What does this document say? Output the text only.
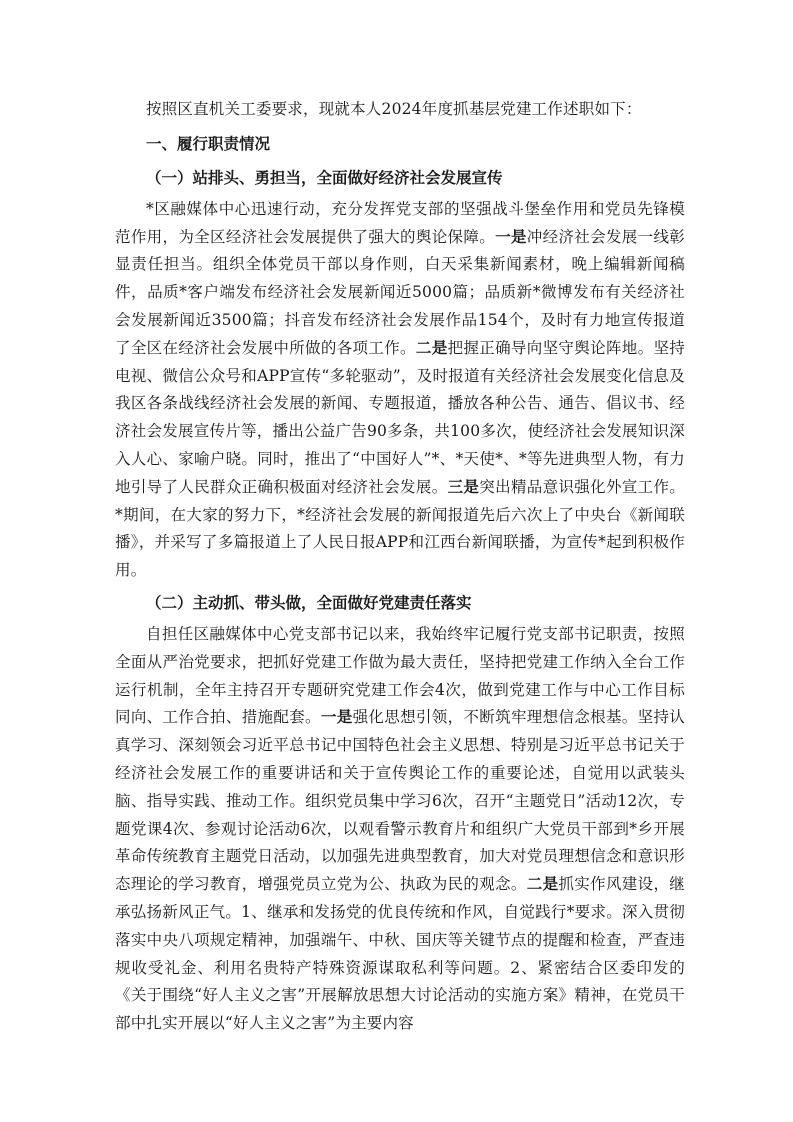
按照区直机关工委要求，现就本人2024年度抓基层党建工作述职如下：

一、履行职责情况

（一）站排头、勇担当，全面做好经济社会发展宣传

*区融媒体中心迅速行动，充分发挥党支部的坚强战斗堡垒作用和党员先锋模范作用，为全区经济社会发展提供了强大的舆论保障。一是冲经济社会发展一线彰显责任担当。组织全体党员干部以身作则，白天采集新闻素材，晚上编辑新闻稿件，品质*客户端发布经济社会发展新闻近5000篇；品质新*微博发布有关经济社会发展新闻近3500篇；抖音发布经济社会发展作品154个，及时有力地宣传报道了全区在经济社会发展中所做的各项工作。二是把握正确导向坚守舆论阵地。坚持电视、微信公众号和APP宣传“多轮驱动”，及时报道有关经济社会发展变化信息及我区各条战线经济社会发展的新闻、专题报道，播放各种公告、通告、倡议书、经济社会发展宣传片等，播出公益广告90多条，共100多次，使经济社会发展知识深入人心、家喻户晓。同时，推出了“中国好人”*、*天使*、*等先进典型人物，有力地引导了人民群众正确积极面对经济社会发展。三是突出精品意识强化外宣工作。*期间，在大家的努力下，*经济社会发展的新闻报道先后六次上了中央台《新闻联播》，并采写了多篇报道上了人民日报APP和江西台新闻联播，为宣传*起到积极作用。

（二）主动抓、带头做，全面做好党建责任落实

自担任区融媒体中心党支部书记以来，我始终牢记履行党支部书记职责，按照全面从严治党要求，把抓好党建工作做为最大责任，坚持把党建工作纳入全台工作运行机制，全年主持召开专题研究党建工作会4次，做到党建工作与中心工作目标同向、工作合拍、措施配套。一是强化思想引领，不断筑牢理想信念根基。坚持认真学习、深刻领会习近平总书记中国特色社会主义思想、特别是习近平总书记关于经济社会发展工作的重要讲话和关于宣传舆论工作的重要论述，自觉用以武装头脑、指导实践、推动工作。组织党员集中学习6次，召开“主题党日”活动12次，专题党课4次、参观讨论活动6次，以观看警示教育片和组织广大党员干部到*乡开展革命传统教育主题党日活动，以加强先进典型教育，加大对党员理想信念和意识形态理论的学习教育，增强党员立党为公、执政为民的观念。二是抓实作风建设，继承弘扬新风正气。1、继承和发扬党的优良传统和作风，自觉践行*要求。深入贯彻落实中央八项规定精神，加强端午、中秋、国庆等关键节点的提醒和检查，严查违规收受礼金、利用名贵特产特殊资源谋取私利等问题。2、紧密结合区委印发的《关于围绕“好人主义之害”开展解放思想大讨论活动的实施方案》精神，在党员干部中扎实开展以“好人主义之害”为主要内容
